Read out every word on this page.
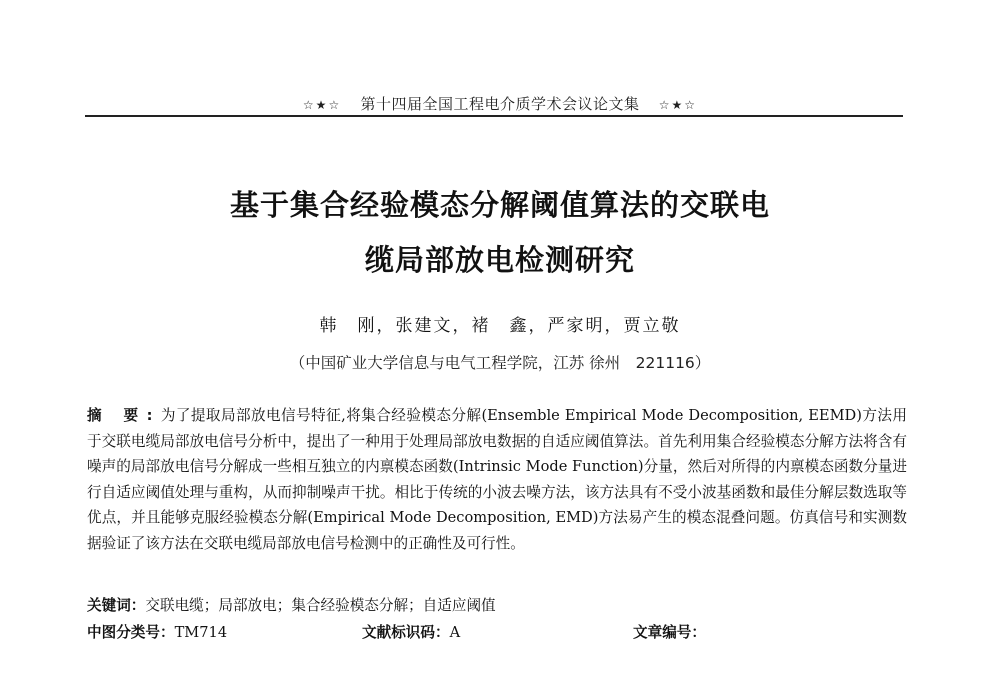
☆★☆ 第十四届全国工程电介质学术会议论文集 ☆★☆
基于集合经验模态分解阈值算法的交联电
缆局部放电检测研究
韩　刚，张建文，褚　鑫，严家明，贾立敬
（中国矿业大学信息与电气工程学院，江苏 徐州　221116）
摘 要:为了提取局部放电信号特征,将集合经验模态分解(Ensemble Empirical Mode Decomposition, EEMD)方法用于交联电缆局部放电信号分析中，提出了一种用于处理局部放电数据的自适应阈值算法。首先利用集合经验模态分解方法将含有噪声的局部放电信号分解成一些相互独立的内禀模态函数(Intrinsic Mode Function)分量，然后对所得的内禀模态函数分量进行自适应阈值处理与重构，从而抑制噪声干扰。相比于传统的小波去噪方法，该方法具有不受小波基函数和最佳分解层数选取等优点，并且能够克服经验模态分解(Empirical Mode Decomposition, EMD)方法易产生的模态混叠问题。仿真信号和实测数据验证了该方法在交联电缆局部放电信号检测中的正确性及可行性。
关键词：交联电缆；局部放电；集合经验模态分解；自适应阈值
中图分类号：TM714	文献标识码：A	文章编号：
